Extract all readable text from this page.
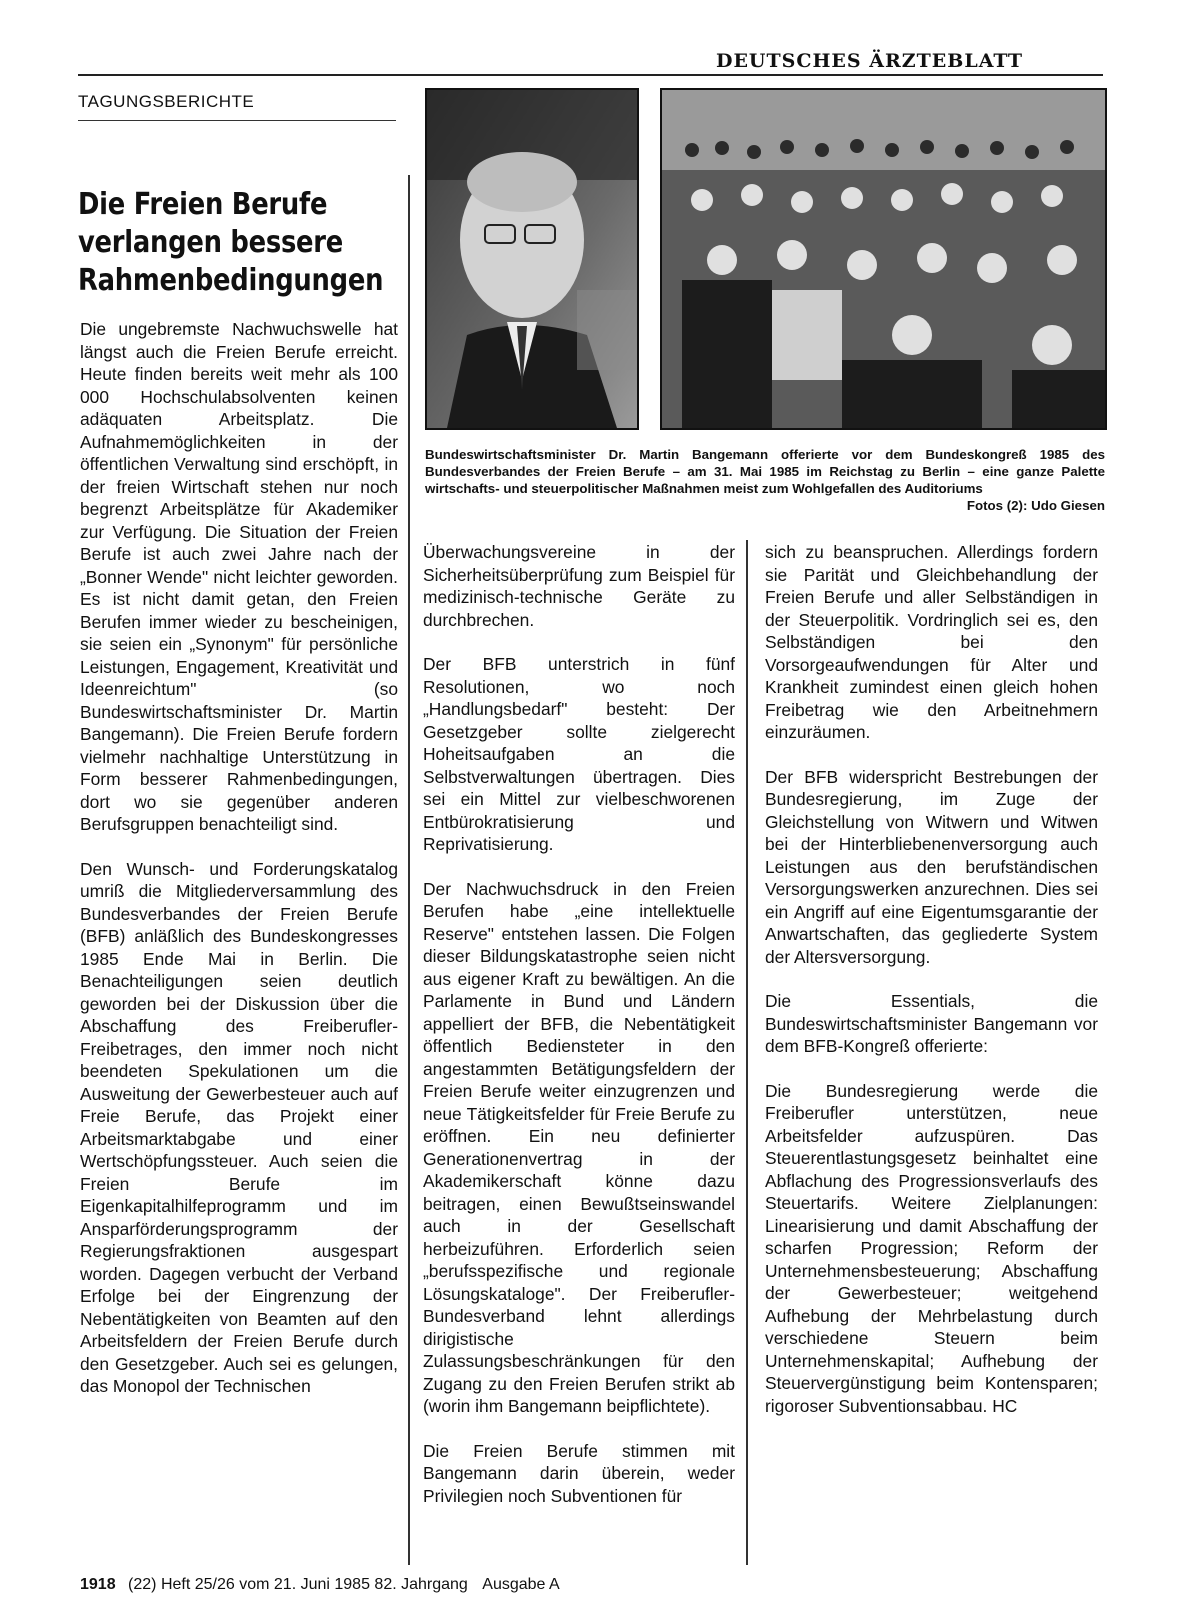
DEUTSCHES ÄRZTEBLATT
TAGUNGSBERICHTE
Die Freien Berufe verlangen bessere Rahmenbedingungen
Bundeswirtschaftsminister Dr. Martin Bangemann offerierte vor dem Bundeskongreß 1985 des Bundesverbandes der Freien Berufe – am 31. Mai 1985 im Reichstag zu Berlin – eine ganze Palette wirtschafts- und steuerpolitischer Maßnahmen meist zum Wohlgefallen des Auditoriums
Fotos (2): Udo Giesen

Die ungebremste Nachwuchswelle hat längst auch die Freien Berufe erreicht. Heute finden bereits weit mehr als 100 000 Hochschulabsolventen keinen adäquaten Arbeitsplatz. Die Aufnahmemöglichkeiten in der öffentlichen Verwaltung sind erschöpft, in der freien Wirtschaft stehen nur noch begrenzt Arbeitsplätze für Akademiker zur Verfügung. Die Situation der Freien Berufe ist auch zwei Jahre nach der „Bonner Wende" nicht leichter geworden. Es ist nicht damit getan, den Freien Berufen immer wieder zu bescheinigen, sie seien ein „Synonym" für persönliche Leistungen, Engagement, Kreativität und Ideenreichtum" (so Bundeswirtschaftsminister Dr. Martin Bangemann). Die Freien Berufe fordern vielmehr nachhaltige Unterstützung in Form besserer Rahmenbedingungen, dort wo sie gegenüber anderen Berufsgruppen benachteiligt sind.

Den Wunsch- und Forderungskatalog umriß die Mitgliederversammlung des Bundesverbandes der Freien Berufe (BFB) anläßlich des Bundeskongresses 1985 Ende Mai in Berlin. Die Benachteiligungen seien deutlich geworden bei der Diskussion über die Abschaffung des Freiberufler-Freibetrages, den immer noch nicht beendeten Spekulationen um die Ausweitung der Gewerbesteuer auch auf Freie Berufe, das Projekt einer Arbeitsmarktabgabe und einer Wertschöpfungssteuer. Auch seien die Freien Berufe im Eigenkapitalhilfeprogramm und im Ansparförderungsprogramm der Regierungsfraktionen ausgespart worden. Dagegen verbucht der Verband Erfolge bei der Eingrenzung der Nebentätigkeiten von Beamten auf den Arbeitsfeldern der Freien Berufe durch den Gesetzgeber. Auch sei es gelungen, das Monopol der Technischen

Überwachungsvereine in der Sicherheitsüberprüfung zum Beispiel für medizinisch-technische Geräte zu durchbrechen.

Der BFB unterstrich in fünf Resolutionen, wo noch „Handlungsbedarf" besteht: Der Gesetzgeber sollte zielgerecht Hoheitsaufgaben an die Selbstverwaltungen übertragen. Dies sei ein Mittel zur vielbeschworenen Entbürokratisierung und Reprivatisierung.

Der Nachwuchsdruck in den Freien Berufen habe „eine intellektuelle Reserve" entstehen lassen. Die Folgen dieser Bildungskatastrophe seien nicht aus eigener Kraft zu bewältigen. An die Parlamente in Bund und Ländern appelliert der BFB, die Nebentätigkeit öffentlich Bediensteter in den angestammten Betätigungsfeldern der Freien Berufe weiter einzugrenzen und neue Tätigkeitsfelder für Freie Berufe zu eröffnen. Ein neu definierter Generationenvertrag in der Akademikerschaft könne dazu beitragen, einen Bewußtseinswandel auch in der Gesellschaft herbeizuführen. Erforderlich seien „berufsspezifische und regionale Lösungskataloge". Der Freiberufler-Bundesverband lehnt allerdings dirigistische Zulassungsbeschränkungen für den Zugang zu den Freien Berufen strikt ab (worin ihm Bangemann beipflichtete).

Die Freien Berufe stimmen mit Bangemann darin überein, weder Privilegien noch Subventionen für

sich zu beanspruchen. Allerdings fordern sie Parität und Gleichbehandlung der Freien Berufe und aller Selbständigen in der Steuerpolitik. Vordringlich sei es, den Selbständigen bei den Vorsorgeaufwendungen für Alter und Krankheit zumindest einen gleich hohen Freibetrag wie den Arbeitnehmern einzuräumen.

Der BFB widerspricht Bestrebungen der Bundesregierung, im Zuge der Gleichstellung von Witwern und Witwen bei der Hinterbliebenenversorgung auch Leistungen aus den berufständischen Versorgungswerken anzurechnen. Dies sei ein Angriff auf eine Eigentumsgarantie der Anwartschaften, das gegliederte System der Altersversorgung.

Die Essentials, die Bundeswirtschaftsminister Bangemann vor dem BFB-Kongreß offerierte:

Die Bundesregierung werde die Freiberufler unterstützen, neue Arbeitsfelder aufzuspüren. Das Steuerentlastungsgesetz beinhaltet eine Abflachung des Progressionsverlaufs des Steuertarifs. Weitere Zielplanungen: Linearisierung und damit Abschaffung der scharfen Progression; Reform der Unternehmensbesteuerung; Abschaffung der Gewerbesteuer; weitgehend Aufhebung der Mehrbelastung durch verschiedene Steuern beim Unternehmenskapital; Aufhebung der Steuervergünstigung beim Kontensparen; rigoroser Subventionsabbau. HC

1918 (22) Heft 25/26 vom 21. Juni 1985 82. Jahrgang Ausgabe A
